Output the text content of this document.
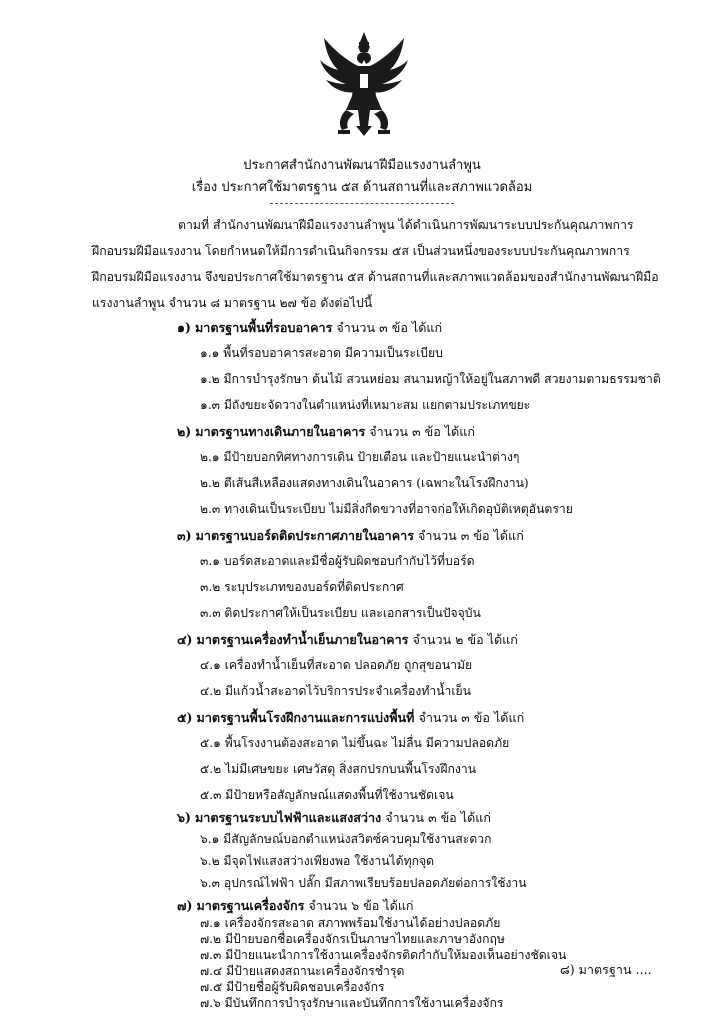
ประกาศสำนักงานพัฒนาฝีมือแรงงานลำพูน
เรื่อง ประกาศใช้มาตรฐาน ๕ส ด้านสถานที่และสภาพแวดล้อม
ตามที่ สำนักงานพัฒนาฝีมือแรงงานลำพูน ได้ดำเนินการพัฒนาระบบประกันคุณภาพการ
ฝึกอบรมฝีมือแรงงาน โดยกำหนดให้มีการดำเนินกิจกรรม ๕ส เป็นส่วนหนึ่งของระบบประกันคุณภาพการ
ฝึกอบรมฝีมือแรงงาน จึงขอประกาศใช้มาตรฐาน ๕ส ด้านสถานที่และสภาพแวดล้อมของสำนักงานพัฒนาฝีมือ
แรงงานลำพูน จำนวน ๘ มาตรฐาน ๒๗ ข้อ ดังต่อไปนี้
๑) มาตรฐานพื้นที่รอบอาคาร จำนวน ๓ ข้อ ได้แก่
๑.๑ พื้นที่รอบอาคารสะอาด มีความเป็นระเบียบ
๑.๒ มีการบำรุงรักษา ต้นไม้ สวนหย่อม สนามหญ้าให้อยู่ในสภาพดี สวยงามตามธรรมชาติ
๑.๓ มีถังขยะจัดวางในตำแหน่งที่เหมาะสม แยกตามประเภทขยะ
๒) มาตรฐานทางเดินภายในอาคาร จำนวน ๓ ข้อ ได้แก่
๒.๑ มีป้ายบอกทิศทางการเดิน ป้ายเตือน และป้ายแนะนำต่างๆ
๒.๒ ตีเส้นสีเหลืองแสดงทางเดินในอาคาร (เฉพาะในโรงฝึกงาน)
๒.๓ ทางเดินเป็นระเบียบ ไม่มีสิ่งกีดขวางที่อาจก่อให้เกิดอุบัติเหตุอันตราย
๓) มาตรฐานบอร์ดติดประกาศภายในอาคาร จำนวน ๓ ข้อ ได้แก่
๓.๑ บอร์ดสะอาดและมีชื่อผู้รับผิดชอบกำกับไว้ที่บอร์ด
๓.๒ ระบุประเภทของบอร์ดที่ติดประกาศ
๓.๓ ติดประกาศให้เป็นระเบียบ และเอกสารเป็นปัจจุบัน
๔) มาตรฐานเครื่องทำน้ำเย็นภายในอาคาร จำนวน ๒ ข้อ ได้แก่
๔.๑ เครื่องทำน้ำเย็นที่สะอาด ปลอดภัย ถูกสุขอนามัย
๔.๒ มีแก้วน้ำสะอาดไว้บริการประจำเครื่องทำน้ำเย็น
๕) มาตรฐานพื้นโรงฝึกงานและการแบ่งพื้นที่ จำนวน ๓ ข้อ ได้แก่
๕.๑ พื้นโรงงานต้องสะอาด ไม่ขึ้นฉะ ไม่ลื่น มีความปลอดภัย
๕.๒ ไม่มีเศษขยะ เศษวัสดุ สิ่งสกปรกบนพื้นโรงฝึกงาน
๕.๓ มีป้ายหรือสัญลักษณ์แสดงพื้นที่ใช้งานชัดเจน
๖) มาตรฐานระบบไฟฟ้าและแสงสว่าง จำนวน ๓ ข้อ ได้แก่
๖.๑ มีสัญลักษณ์บอกตำแหน่งสวิตซ์ควบคุมใช้งานสะดวก
๖.๒ มีจุดไฟแสงสว่างเพียงพอ ใช้งานได้ทุกจุด
๖.๓ อุปกรณ์ไฟฟ้า ปลั๊ก มีสภาพเรียบร้อยปลอดภัยต่อการใช้งาน
๗) มาตรฐานเครื่องจักร จำนวน ๖ ข้อ ได้แก่
๗.๑ เครื่องจักรสะอาด สภาพพร้อมใช้งานได้อย่างปลอดภัย
๗.๒ มีป้ายบอกชื่อเครื่องจักรเป็นภาษาไทยและภาษาอังกฤษ
๗.๓ มีป้ายแนะนำการใช้งานเครื่องจักรติดกำกับให้มองเห็นอย่างชัดเจน
๗.๔ มีป้ายแสดงสถานะเครื่องจักรชำรุด
๗.๕ มีป้ายชื่อผู้รับผิดชอบเครื่องจักร
๗.๖ มีบันทึกการบำรุงรักษาและบันทึกการใช้งานเครื่องจักร
๘) มาตรฐาน ....
